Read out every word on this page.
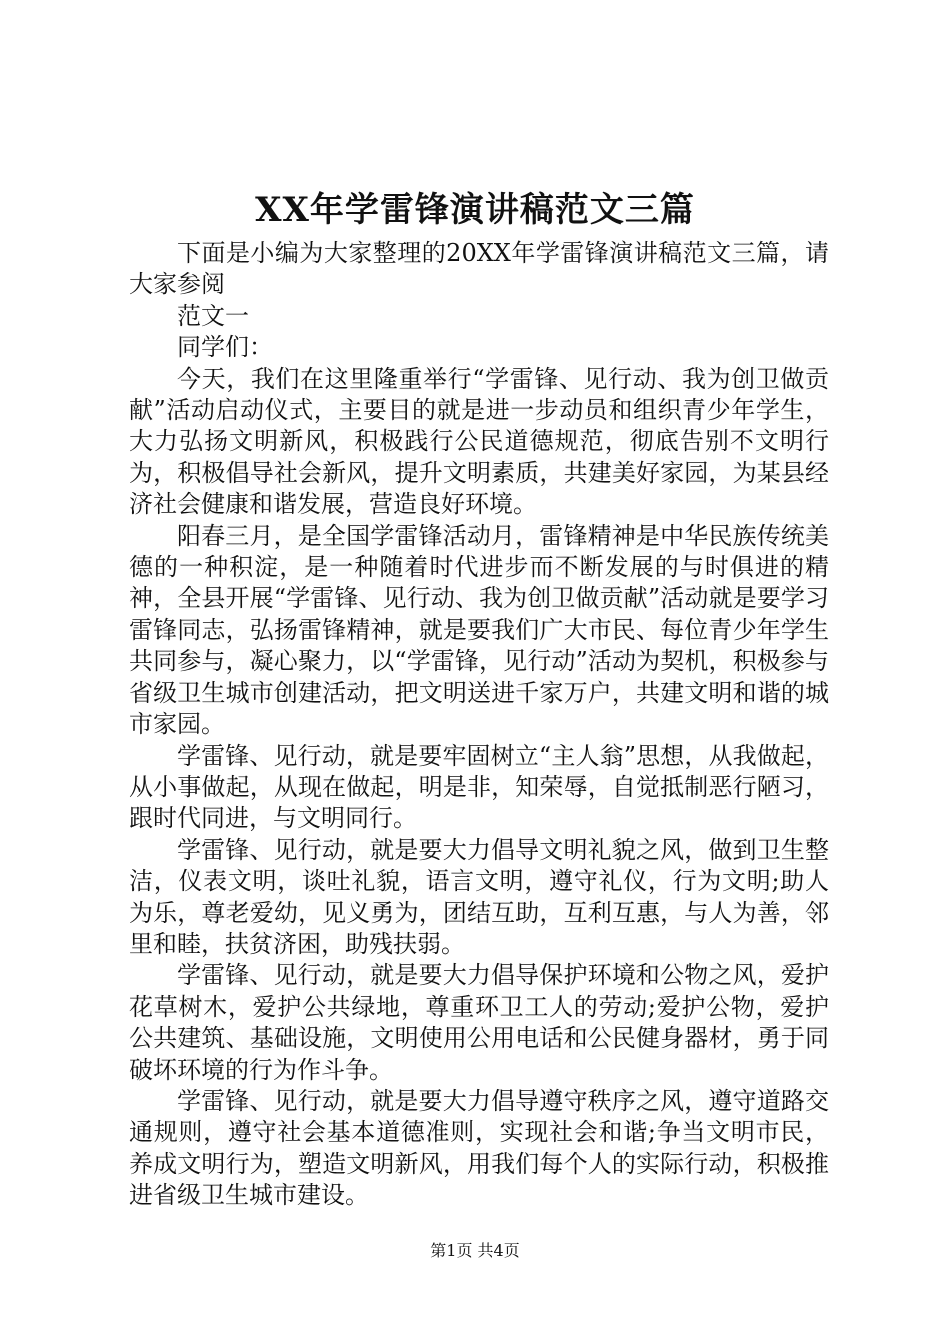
XX年学雷锋演讲稿范文三篇

下面是小编为大家整理的20XX年学雷锋演讲稿范文三篇，请大家参阅

范文一

同学们：

今天，我们在这里隆重举行“学雷锋、见行动、我为创卫做贡献”活动启动仪式，主要目的就是进一步动员和组织青少年学生，大力弘扬文明新风，积极践行公民道德规范，彻底告别不文明行为，积极倡导社会新风，提升文明素质，共建美好家园，为某县经济社会健康和谐发展，营造良好环境。

阳春三月，是全国学雷锋活动月，雷锋精神是中华民族传统美德的一种积淀，是一种随着时代进步而不断发展的与时俱进的精神，全县开展“学雷锋、见行动、我为创卫做贡献”活动就是要学习雷锋同志，弘扬雷锋精神，就是要我们广大市民、每位青少年学生共同参与，凝心聚力，以“学雷锋，见行动”活动为契机，积极参与省级卫生城市创建活动，把文明送进千家万户，共建文明和谐的城市家园。

学雷锋、见行动，就是要牢固树立“主人翁”思想，从我做起，从小事做起，从现在做起，明是非，知荣辱，自觉抵制恶行陋习，跟时代同进，与文明同行。

学雷锋、见行动，就是要大力倡导文明礼貌之风，做到卫生整洁，仪表文明，谈吐礼貌，语言文明，遵守礼仪，行为文明;助人为乐，尊老爱幼，见义勇为，团结互助，互利互惠，与人为善，邻里和睦，扶贫济困，助残扶弱。

学雷锋、见行动，就是要大力倡导保护环境和公物之风，爱护花草树木，爱护公共绿地，尊重环卫工人的劳动;爱护公物，爱护公共建筑、基础设施，文明使用公用电话和公民健身器材，勇于同破坏环境的行为作斗争。

学雷锋、见行动，就是要大力倡导遵守秩序之风，遵守道路交通规则，遵守社会基本道德准则，实现社会和谐;争当文明市民，养成文明行为，塑造文明新风，用我们每个人的实际行动，积极推进省级卫生城市建设。

第1页 共4页
